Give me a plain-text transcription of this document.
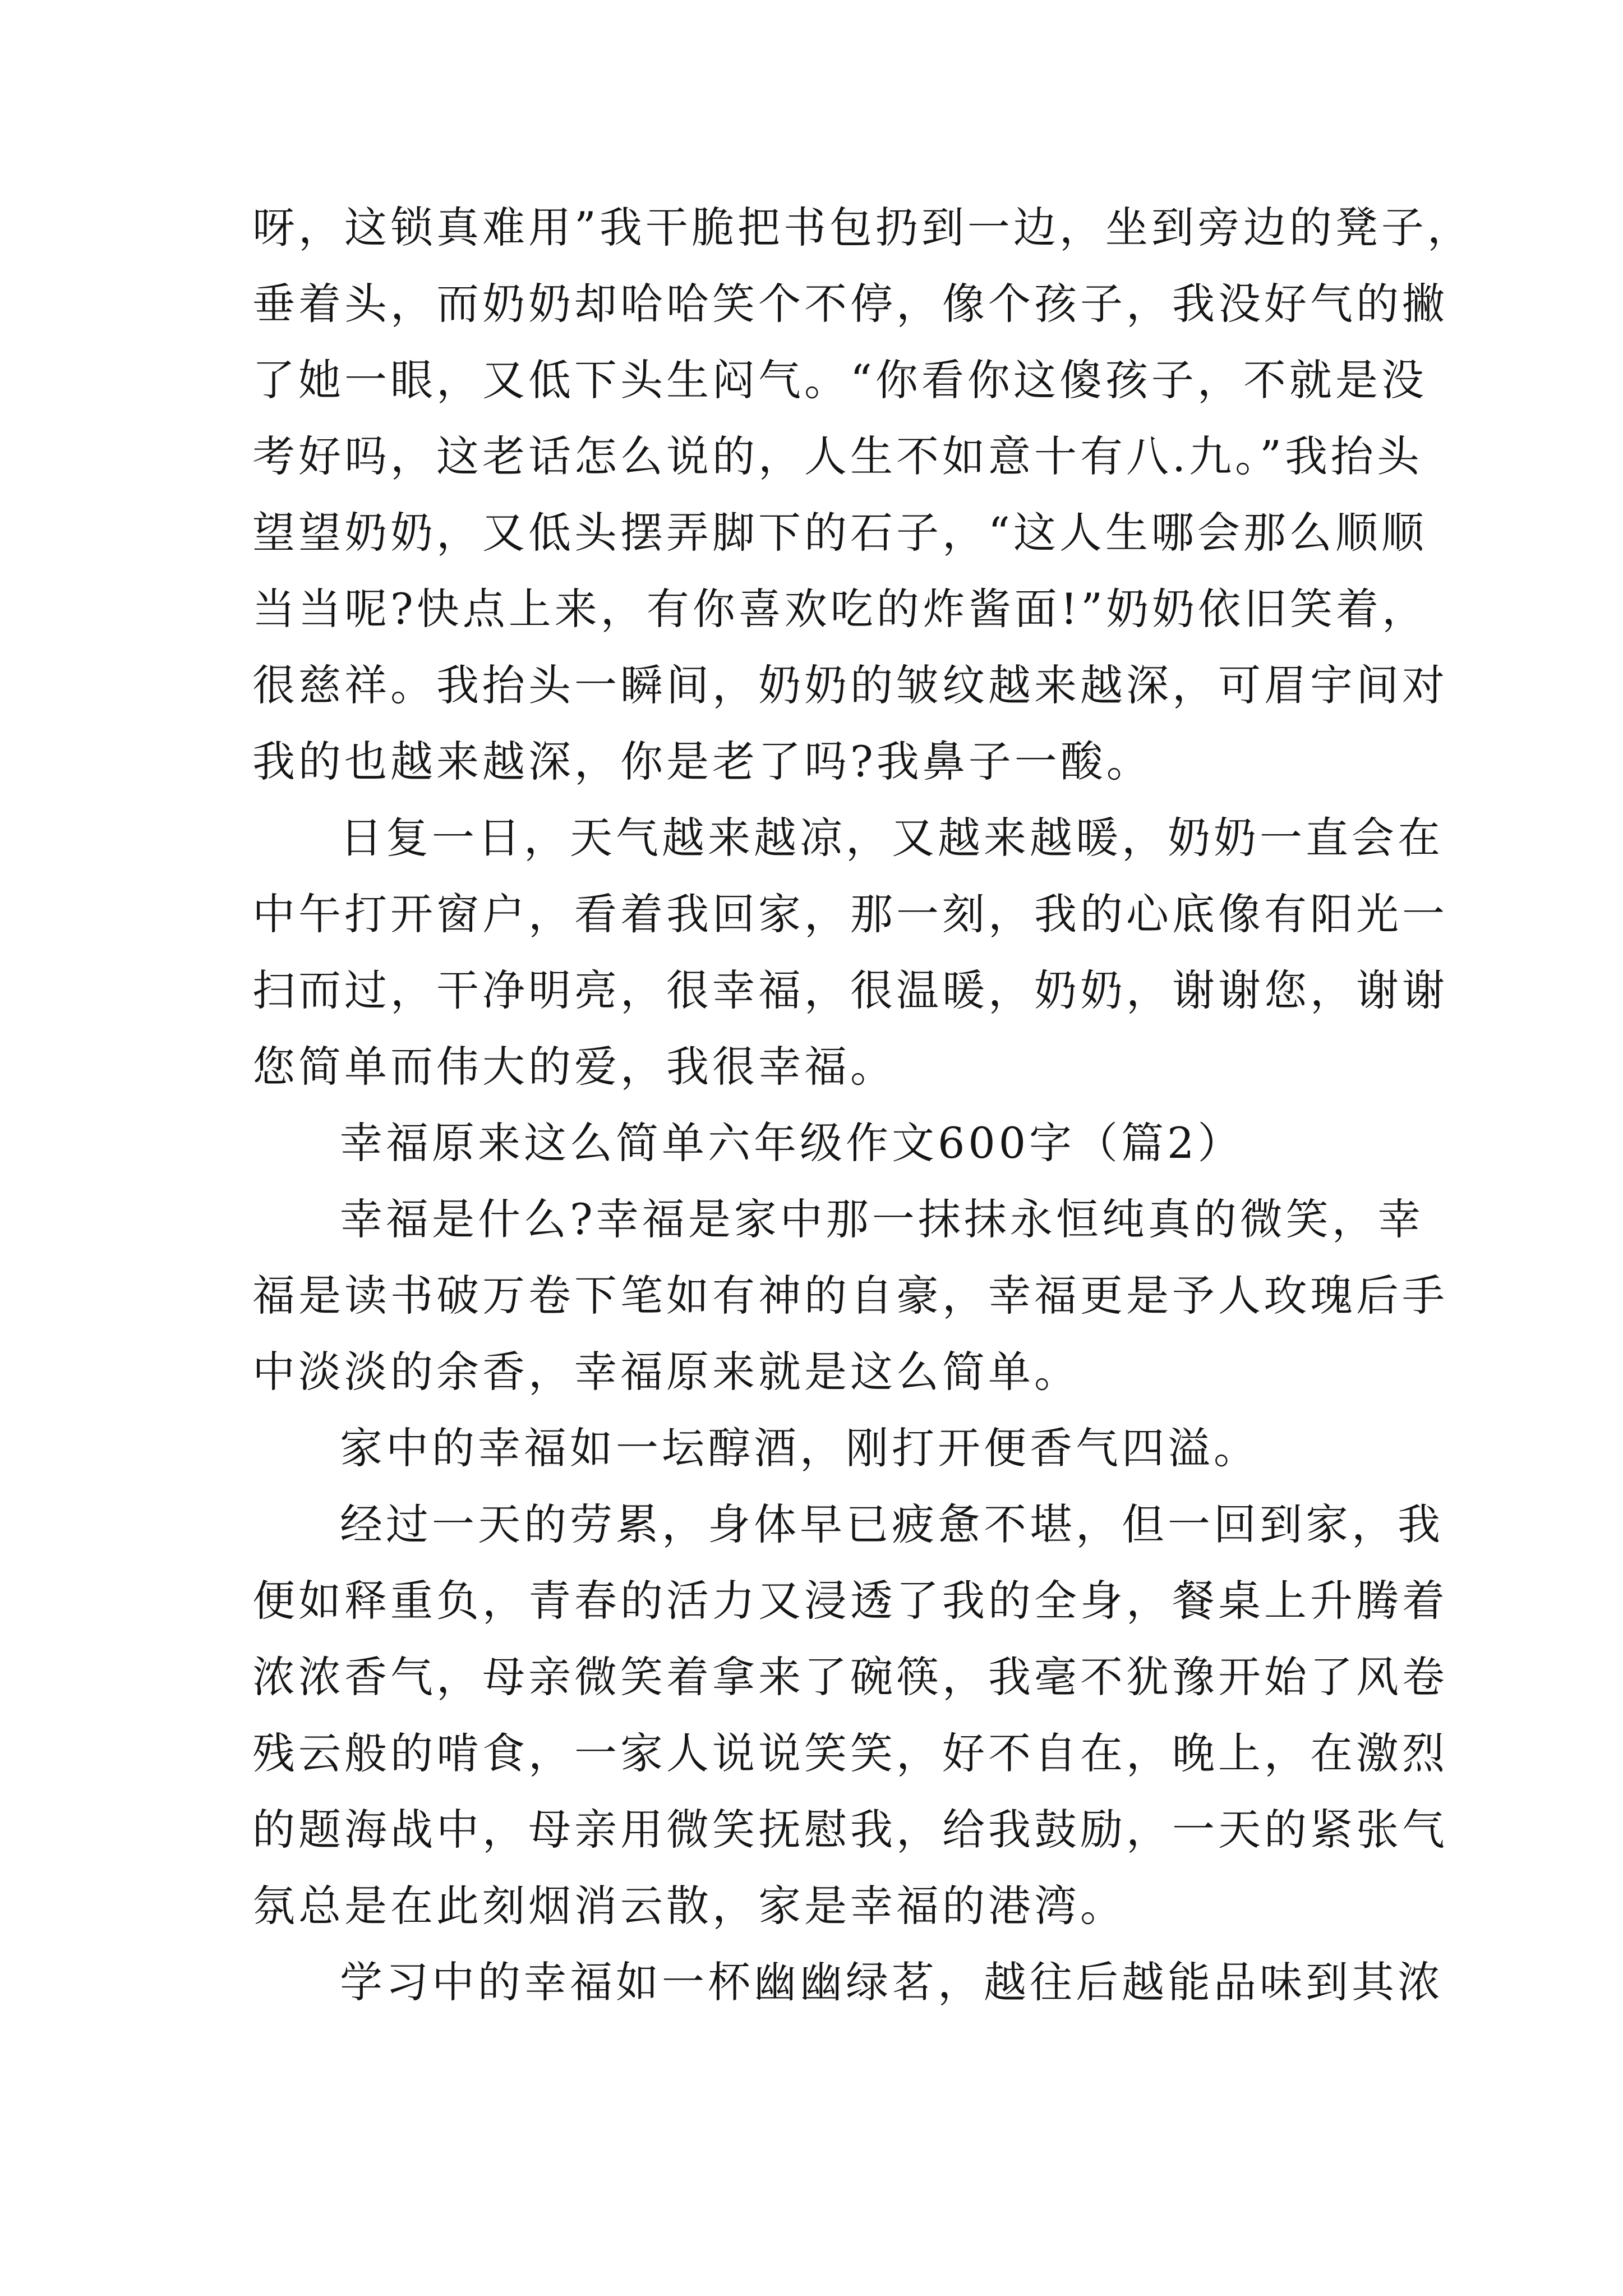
呀，这锁真难用”我干脆把书包扔到一边，坐到旁边的凳子，
垂着头，而奶奶却哈哈笑个不停，像个孩子，我没好气的撇
了她一眼，又低下头生闷气。“你看你这傻孩子，不就是没
考好吗，这老话怎么说的，人生不如意十有八.九。”我抬头
望望奶奶，又低头摆弄脚下的石子，“这人生哪会那么顺顺
当当呢?快点上来，有你喜欢吃的炸酱面!”奶奶依旧笑着，
很慈祥。我抬头一瞬间，奶奶的皱纹越来越深，可眉宇间对
我的也越来越深，你是老了吗?我鼻子一酸。
日复一日，天气越来越凉，又越来越暖，奶奶一直会在
中午打开窗户，看着我回家，那一刻，我的心底像有阳光一
扫而过，干净明亮，很幸福，很温暖，奶奶，谢谢您，谢谢
您简单而伟大的爱，我很幸福。
幸福原来这么简单六年级作文600字（篇2）
幸福是什么?幸福是家中那一抹抹永恒纯真的微笑，幸
福是读书破万卷下笔如有神的自豪，幸福更是予人玫瑰后手
中淡淡的余香，幸福原来就是这么简单。
家中的幸福如一坛醇酒，刚打开便香气四溢。
经过一天的劳累，身体早已疲惫不堪，但一回到家，我
便如释重负，青春的活力又浸透了我的全身，餐桌上升腾着
浓浓香气，母亲微笑着拿来了碗筷，我毫不犹豫开始了风卷
残云般的啃食，一家人说说笑笑，好不自在，晚上，在激烈
的题海战中，母亲用微笑抚慰我，给我鼓励，一天的紧张气
氛总是在此刻烟消云散，家是幸福的港湾。
学习中的幸福如一杯幽幽绿茗，越往后越能品味到其浓
